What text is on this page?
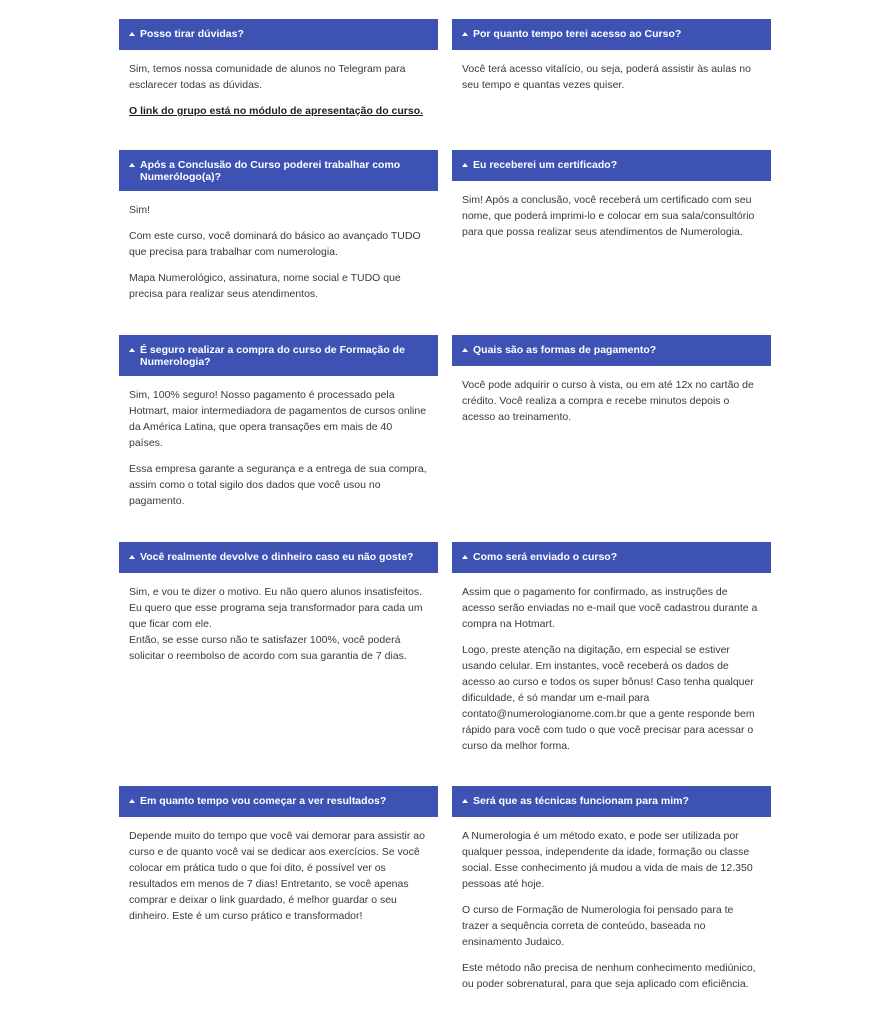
Posso tirar dúvidas?

Sim, temos nossa comunidade de alunos no Telegram para esclarecer todas as dúvidas.

O link do grupo está no módulo de apresentação do curso.

Por quanto tempo terei acesso ao Curso?

Você terá acesso vitalício, ou seja, poderá assistir às aulas no seu tempo e quantas vezes quiser.

Após a Conclusão do Curso poderei trabalhar como Numerólogo(a)?

Sim!

Com este curso, você dominará do básico ao avançado TUDO que precisa para trabalhar com numerologia.

Mapa Numerológico, assinatura, nome social e TUDO que precisa para realizar seus atendimentos.

Eu receberei um certificado?

Sim! Após a conclusão, você receberá um certificado com seu nome, que poderá imprimi-lo e colocar em sua sala/consultório para que possa realizar seus atendimentos de Numerologia.

É seguro realizar a compra do curso de Formação de Numerologia?

Sim, 100% seguro! Nosso pagamento é processado pela Hotmart, maior intermediadora de pagamentos de cursos online da América Latina, que opera transações em mais de 40 países.

Essa empresa garante a segurança e a entrega de sua compra, assim como o total sigilo dos dados que você usou no pagamento.

Quais são as formas de pagamento?

Você pode adquirir o curso à vista, ou em até 12x no cartão de crédito. Você realiza a compra e recebe minutos depois o acesso ao treinamento.

Você realmente devolve o dinheiro caso eu não goste?

Sim, e vou te dizer o motivo. Eu não quero alunos insatisfeitos. Eu quero que esse programa seja transformador para cada um que ficar com ele.

Então, se esse curso não te satisfazer 100%, você poderá solicitar o reembolso de acordo com sua garantia de 7 dias.

Como será enviado o curso?

Assim que o pagamento for confirmado, as instruções de acesso serão enviadas no e-mail que você cadastrou durante a compra na Hotmart.

Logo, preste atenção na digitação, em especial se estiver usando celular. Em instantes, você receberá os dados de acesso ao curso e todos os super bônus! Caso tenha qualquer dificuldade, é só mandar um e-mail para contato@numerologianome.com.br que a gente responde bem rápido para você com tudo o que você precisar para acessar o curso da melhor forma.

Em quanto tempo vou começar a ver resultados?

Depende muito do tempo que você vai demorar para assistir ao curso e de quanto você vai se dedicar aos exercícios. Se você colocar em prática tudo o que foi dito, é possível ver os resultados em menos de 7 dias! Entretanto, se você apenas comprar e deixar o link guardado, é melhor guardar o seu dinheiro. Este é um curso prático e transformador!

Será que as técnicas funcionam para mim?

A Numerologia é um método exato, e pode ser utilizada por qualquer pessoa, independente da idade, formação ou classe social. Esse conhecimento já mudou a vida de mais de 12.350 pessoas até hoje.

O curso de Formação de Numerologia foi pensado para te trazer a sequência correta de conteúdo, baseada no ensinamento Judaico.

Este método não precisa de nenhum conhecimento mediúnico, ou poder sobrenatural, para que seja aplicado com eficiência.
